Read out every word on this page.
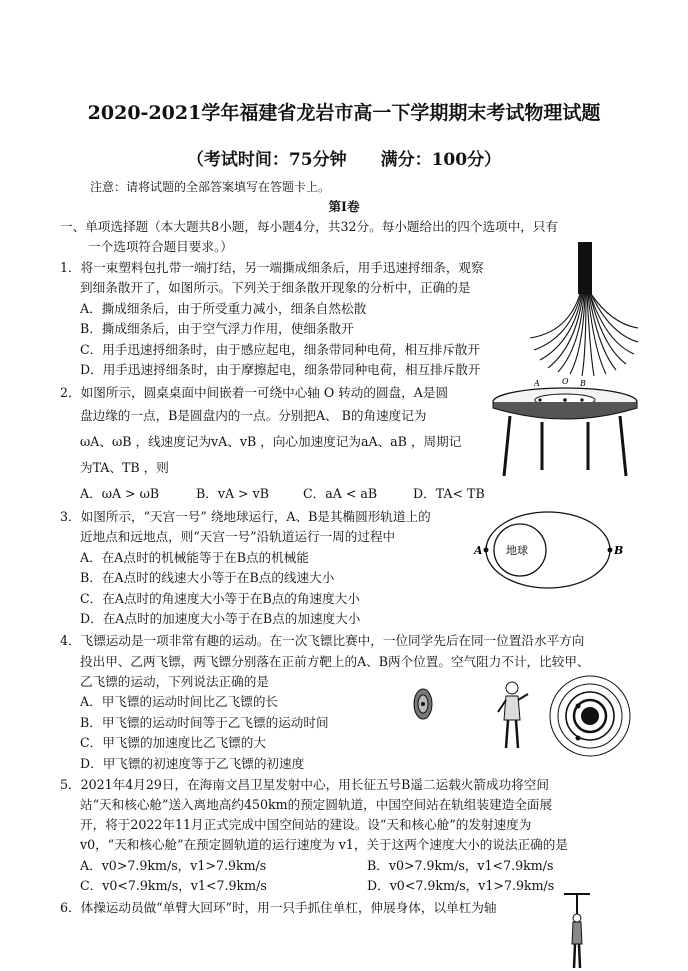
2020-2021学年福建省龙岩市高一下学期期末考试物理试题
（考试时间：75分钟　　满分：100分）
注意：请将试题的全部答案填写在答题卡上。
第Ⅰ卷
一、单项选择题（本大题共8小题，每小题4分，共32分。每小题给出的四个选项中，只有
一个选项符合题目要求。）
1．将一束塑料包扎带一端打结，另一端撕成细条后，用手迅速捋细条，观察
到细条散开了，如图所示。下列关于细条散开现象的分析中，正确的是
A．撕成细条后，由于所受重力减小，细条自然松散
B．撕成细条后，由于空气浮力作用，使细条散开
C．用手迅速捋细条时，由于感应起电，细条带同种电荷，相互排斥散开
D．用手迅速捋细条时，由于摩擦起电，细条带同种电荷，相互排斥散开
2．如图所示，圆桌桌面中间嵌着一可绕中心轴 O 转动的圆盘，A是圆
盘边缘的一点，B是圆盘内的一点。分别把A、 B的角速度记为
ωA、ωB ，线速度记为vA、vB ，向心加速度记为aA、aB ，周期记
为TA、TB ，则
A．ωA > ωB	B．vA > vB	C．aA < aB	D．TA< TB
A	O B
3．如图所示，“天宫一号” 绕地球运行，A、B是其椭圆形轨道上的
近地点和远地点，则“天宫一号”沿轨道运行一周的过程中
A．在A点时的机械能等于在B点的机械能
B．在A点时的线速大小等于在B点的线速大小
C．在A点时的角速度大小等于在B点的角速度大小
D．在A点时的加速度大小等于在B点的加速度大小
地球
A	B
4．飞镖运动是一项非常有趣的运动。在一次飞镖比赛中，一位同学先后在同一位置沿水平方向
投出甲、乙两飞镖，两飞镖分别落在正前方靶上的A、B两个位置。空气阻力不计，比较甲、
乙飞镖的运动，下列说法正确的是
A．甲飞镖的运动时间比乙飞镖的长
B．甲飞镖的运动时间等于乙飞镖的运动时间
C．甲飞镖的加速度比乙飞镖的大
D．甲飞镖的初速度等于乙飞镖的初速度
5．2021年4月29日，在海南文昌卫星发射中心，用长征五号B遥二运载火箭成功将空间
站“天和核心舱”送入离地高约450km的预定圆轨道，中国空间站在轨组装建造全面展
开，将于2022年11月正式完成中国空间站的建设。设“天和核心舱”的发射速度为
v0，“天和核心舱”在预定圆轨道的运行速度为 v1，关于这两个速度大小的说法正确的是
A．v0>7.9km/s，v1>7.9km/s	B．v0>7.9km/s，v1<7.9km/s
C．v0<7.9km/s，v1<7.9km/s	D．v0<7.9km/s，v1>7.9km/s
6．体操运动员做“单臂大回环”时，用一只手抓住单杠，伸展身体，以单杠为轴
